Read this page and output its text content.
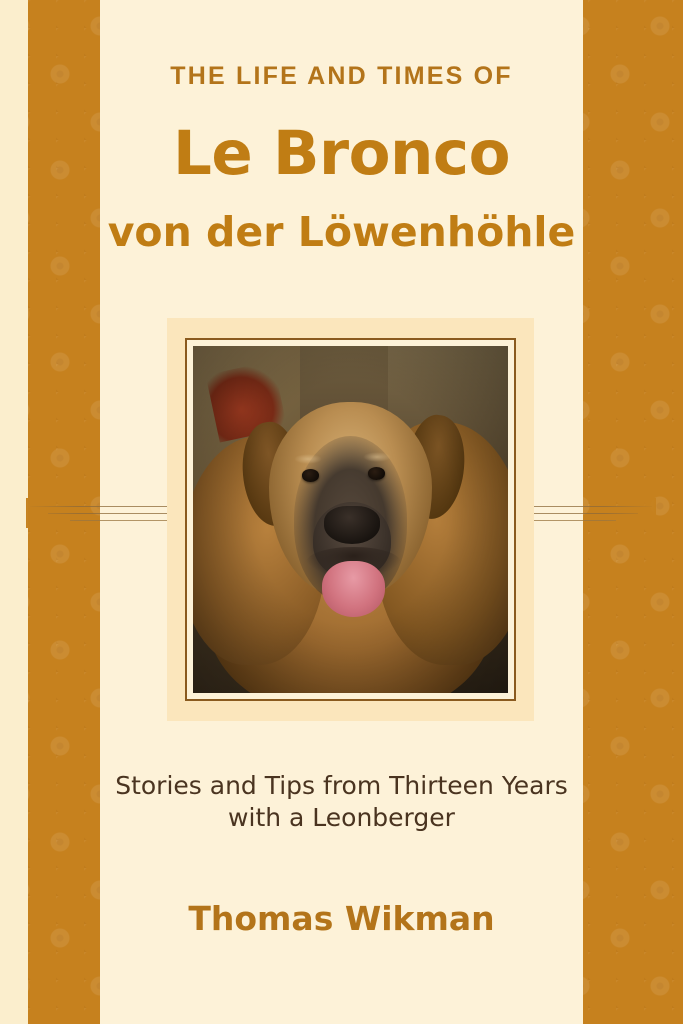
THE LIFE AND TIMES OF
Le Bronco
von der Löwenhöhle
Stories and Tips from Thirteen Years
with a Leonberger
Thomas Wikman
